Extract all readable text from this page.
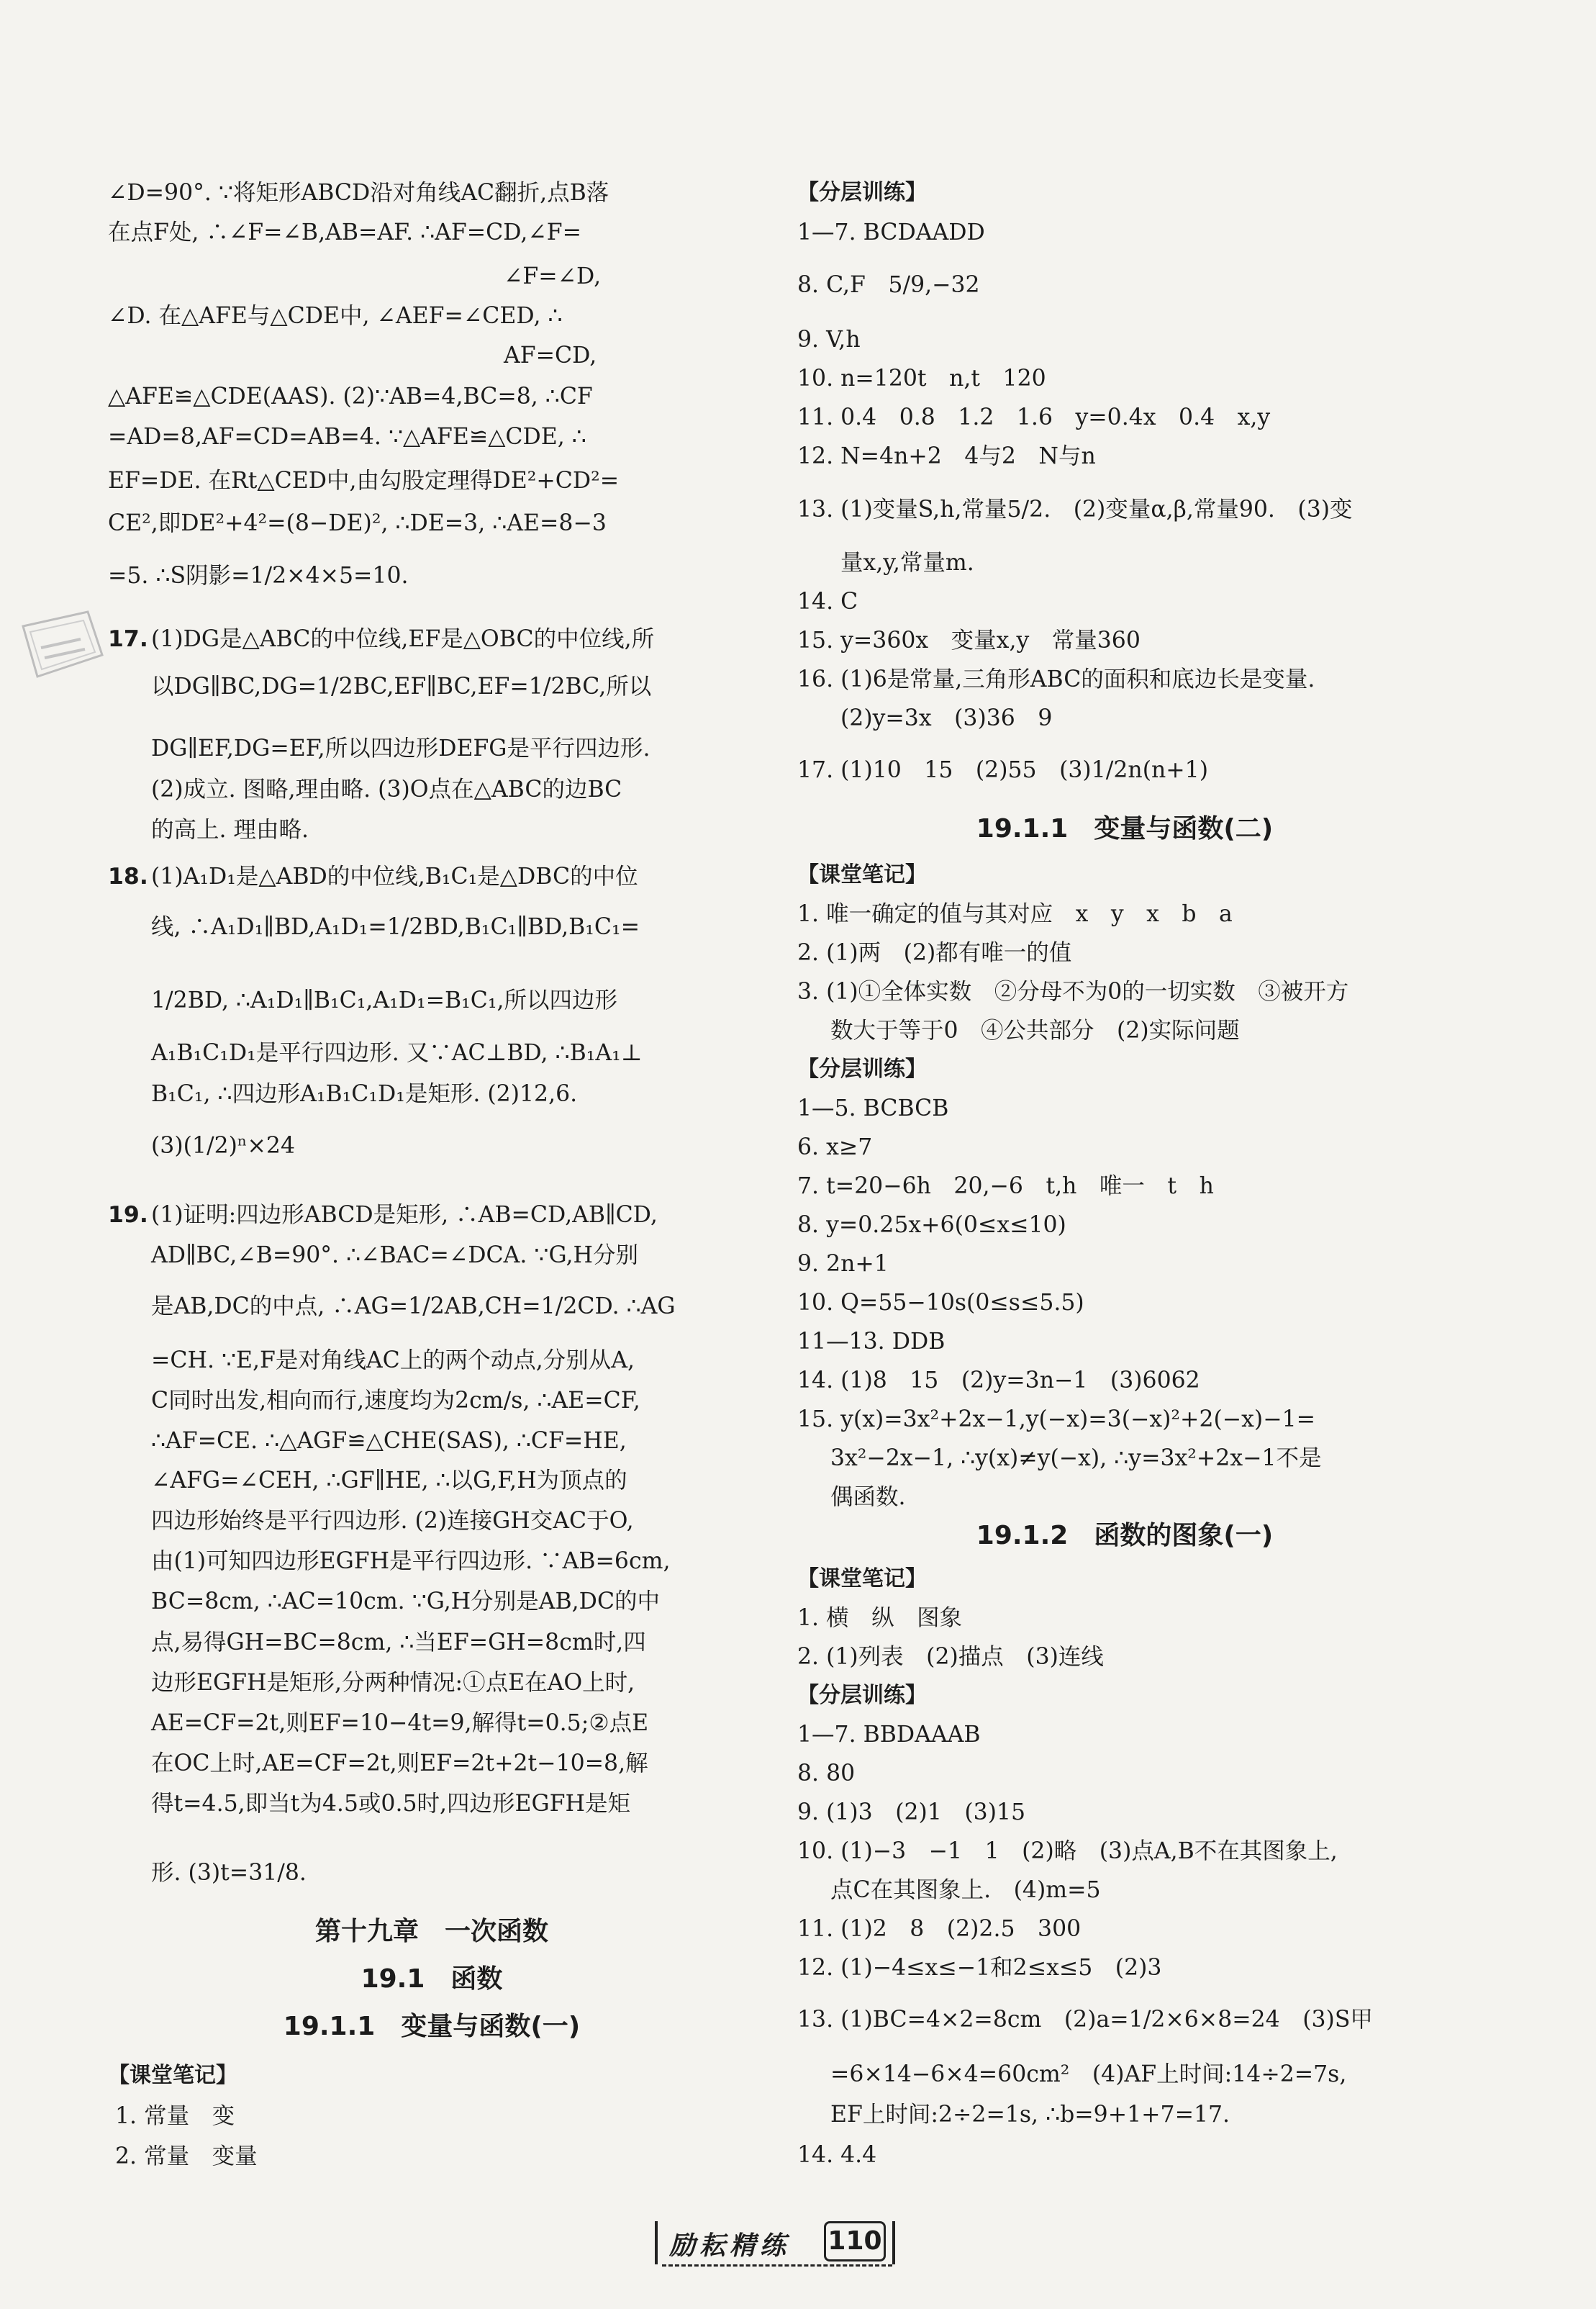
∠D=90°. ∵将矩形ABCD沿对角线AC翻折,点B落
在点F处, ∴∠F=∠B,AB=AF. ∴AF=CD,∠F=
∠F=∠D,
∠D. 在△AFE与△CDE中, ∠AEF=∠CED, ∴
AF=CD,
△AFE≌△CDE(AAS). (2)∵AB=4,BC=8, ∴CF
=AD=8,AF=CD=AB=4. ∵△AFE≌△CDE, ∴
EF=DE. 在Rt△CED中,由勾股定理得DE²+CD²=
CE²,即DE²+4²=(8−DE)², ∴DE=3, ∴AE=8−3
=5. ∴S阴影=1/2×4×5=10.
17. (1)DG是△ABC的中位线,EF是△OBC的中位线,所
以DG∥BC,DG=1/2BC,EF∥BC,EF=1/2BC,所以
DG∥EF,DG=EF,所以四边形DEFG是平行四边形.
(2)成立. 图略,理由略. (3)O点在△ABC的边BC
的高上. 理由略.
18. (1)A₁D₁是△ABD的中位线,B₁C₁是△DBC的中位
线, ∴A₁D₁∥BD,A₁D₁=1/2BD,B₁C₁∥BD,B₁C₁=
1/2BD, ∴A₁D₁∥B₁C₁,A₁D₁=B₁C₁,所以四边形
A₁B₁C₁D₁是平行四边形. 又∵AC⊥BD, ∴B₁A₁⊥
B₁C₁, ∴四边形A₁B₁C₁D₁是矩形. (2)12,6.
(3)(1/2)ⁿ×24
19. (1)证明:四边形ABCD是矩形, ∴AB=CD,AB∥CD,
AD∥BC,∠B=90°. ∴∠BAC=∠DCA. ∵G,H分别
是AB,DC的中点, ∴AG=1/2AB,CH=1/2CD. ∴AG
=CH. ∵E,F是对角线AC上的两个动点,分别从A,
C同时出发,相向而行,速度均为2cm/s, ∴AE=CF,
∴AF=CE. ∴△AGF≌△CHE(SAS), ∴CF=HE,
∠AFG=∠CEH, ∴GF∥HE, ∴以G,F,H为顶点的
四边形始终是平行四边形. (2)连接GH交AC于O,
由(1)可知四边形EGFH是平行四边形. ∵AB=6cm,
BC=8cm, ∴AC=10cm. ∵G,H分别是AB,DC的中
点,易得GH=BC=8cm, ∴当EF=GH=8cm时,四
边形EGFH是矩形,分两种情况:①点E在AO上时,
AE=CF=2t,则EF=10−4t=9,解得t=0.5;②点E
在OC上时,AE=CF=2t,则EF=2t+2t−10=8,解
得t=4.5,即当t为4.5或0.5时,四边形EGFH是矩
形. (3)t=31/8.
第十九章　一次函数
19.1　函数
19.1.1　变量与函数(一)
【课堂笔记】
1. 常量　变
2. 常量　变量
【分层训练】
1—7. BCDAADD
8. C,F　5/9,−32
9. V,h
10. n=120t　n,t　120
11. 0.4　0.8　1.2　1.6　y=0.4x　0.4　x,y
12. N=4n+2　4与2　N与n
13. (1)变量S,h,常量5/2.　(2)变量α,β,常量90.　(3)变
量x,y,常量m.
14. C
15. y=360x　变量x,y　常量360
16. (1)6是常量,三角形ABC的面积和底边长是变量.
(2)y=3x　(3)36　9
17. (1)10　15　(2)55　(3)1/2n(n+1)
19.1.1　变量与函数(二)
【课堂笔记】
1. 唯一确定的值与其对应　x　y　x　b　a
2. (1)两　(2)都有唯一的值
3. (1)①全体实数　②分母不为0的一切实数　③被开方
数大于等于0　④公共部分　(2)实际问题
【分层训练】
1—5. BCBCB
6. x≥7
7. t=20−6h　20,−6　t,h　唯一　t　h
8. y=0.25x+6(0≤x≤10)
9. 2n+1
10. Q=55−10s(0≤s≤5.5)
11—13. DDB
14. (1)8　15　(2)y=3n−1　(3)6062
15. y(x)=3x²+2x−1,y(−x)=3(−x)²+2(−x)−1=
3x²−2x−1, ∴y(x)≠y(−x), ∴y=3x²+2x−1不是
偶函数.
19.1.2　函数的图象(一)
【课堂笔记】
1. 横　纵　图象
2. (1)列表　(2)描点　(3)连线
【分层训练】
1—7. BBDAAAB
8. 80
9. (1)3　(2)1　(3)15
10. (1)−3　−1　1　(2)略　(3)点A,B不在其图象上,
点C在其图象上.　(4)m=5
11. (1)2　8　(2)2.5　300
12. (1)−4≤x≤−1和2≤x≤5　(2)3
13. (1)BC=4×2=8cm　(2)a=1/2×6×8=24　(3)S甲
=6×14−6×4=60cm²　(4)AF上时间:14÷2=7s,
EF上时间:2÷2=1s, ∴b=9+1+7=17.
14. 4.4
励耘精练 110
